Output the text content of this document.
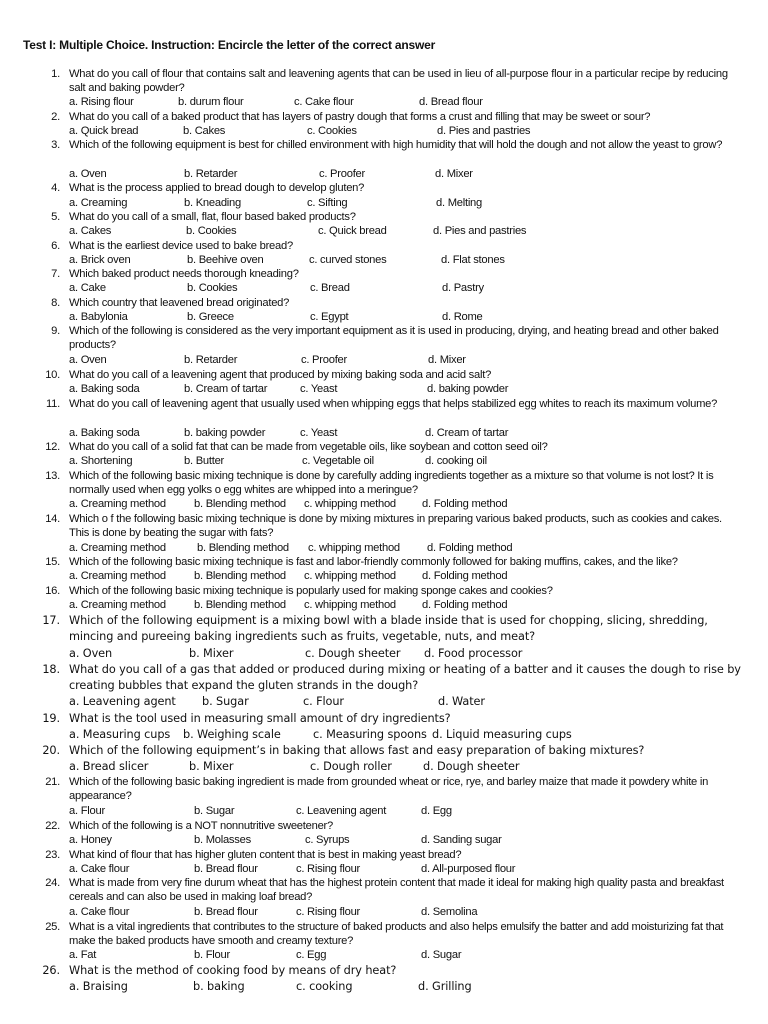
Test I: Multiple Choice. Instruction: Encircle the letter of the correct answer
1. What do you call of flour that contains salt and leavening agents that can be used in lieu of all-purpose flour in a particular recipe by reducing salt and baking powder?
a. Rising flour	b. durum flour	c. Cake flour	d. Bread flour
2. What do you call of a baked product that has layers of pastry dough that forms a crust and filling that may be sweet or sour?
a. Quick bread	b. Cakes	c. Cookies	d. Pies and pastries
3. Which of the following equipment is best for chilled environment with high humidity that will hold the dough and not allow the yeast to grow?
a. Oven	b. Retarder	c. Proofer	d. Mixer
4. What is the process applied to bread dough to develop gluten?
a. Creaming	b. Kneading	c. Sifting	d. Melting
5. What do you call of a small, flat, flour based baked products?
a. Cakes	b. Cookies	c. Quick bread	d. Pies and pastries
6. What is the earliest device used to bake bread?
a. Brick oven	b. Beehive oven	c. curved stones	d. Flat stones
7. Which baked product needs thorough kneading?
a. Cake	b. Cookies	c. Bread	d. Pastry
8. Which country that leavened bread originated?
a. Babylonia	b. Greece	c. Egypt	d. Rome
9. Which of the following is considered as the very important equipment as it is used in producing, drying, and heating bread and other baked products?
a. Oven	b. Retarder	c. Proofer	d. Mixer
10. What do you call of a leavening agent that produced by mixing baking soda and acid salt?
a. Baking soda	b. Cream of tartar	c. Yeast	d. baking powder
11. What do you call of leavening agent that usually used when whipping eggs that helps stabilized egg whites to reach its maximum volume?
a. Baking soda	b. baking powder	c. Yeast	d. Cream of tartar
12. What do you call of a solid fat that can be made from vegetable oils, like soybean and cotton seed oil?
a. Shortening	b. Butter	c. Vegetable oil	d. cooking oil
13. Which of the following basic mixing technique is done by carefully adding ingredients together as a mixture so that volume is not lost? It is normally used when egg yolks o egg whites are whipped into a meringue?
a. Creaming method	b. Blending method c. whipping method d. Folding method
14. Which o f the following basic mixing technique is done by mixing mixtures in preparing various baked products, such as cookies and cakes. This is done by beating the sugar with fats?
a. Creaming method	b. Blending method c. whipping method d. Folding method
15. Which of the following basic mixing technique is fast and labor-friendly commonly followed for baking muffins, cakes, and the like?
a. Creaming method	b. Blending method c. whipping method d. Folding method
16. Which of the following basic mixing technique is popularly used for making sponge cakes and cookies?
a. Creaming method	b. Blending method c. whipping method d. Folding method
17. Which of the following equipment is a mixing bowl with a blade inside that is used for chopping, slicing, shredding, mincing and pureeing baking ingredients such as fruits, vegetable, nuts, and meat?
a. Oven	b. Mixer	c. Dough sheeter d. Food processor
18. What do you call of a gas that added or produced during mixing or heating of a batter and it causes the dough to rise by creating bubbles that expand the gluten strands in the dough?
a. Leavening agent b. Sugar	c. Flour	d. Water
19. What is the tool used in measuring small amount of dry ingredients?
a. Measuring cups b. Weighing scale	c. Measuring spoons d. Liquid measuring cups
20. Which of the following equipment’s in baking that allows fast and easy preparation of baking mixtures?
a. Bread slicer	b. Mixer	c. Dough roller	d. Dough sheeter
21. Which of the following basic baking ingredient is made from grounded wheat or rice, rye, and barley maize that made it powdery white in appearance?
a. Flour	b. Sugar	c. Leavening agent	d. Egg
22. Which of the following is a NOT nonnutritive sweetener?
a. Honey	b. Molasses	c. Syrups	d. Sanding sugar
23. What kind of flour that has higher gluten content that is best in making yeast bread?
a. Cake flour	b. Bread flour	c. Rising flour	d. All-purposed flour
24. What is made from very fine durum wheat that has the highest protein content that made it ideal for making high quality pasta and breakfast cereals and can also be used in making loaf bread?
a. Cake flour	b. Bread flour	c. Rising flour	d. Semolina
25. What is a vital ingredients that contributes to the structure of baked products and also helps emulsify the batter and add moisturizing fat that make the baked products have smooth and creamy texture?
a. Fat	b. Flour	c. Egg	d. Sugar
26. What is the method of cooking food by means of dry heat?
a. Braising	b. baking	c. cooking	d. Grilling
